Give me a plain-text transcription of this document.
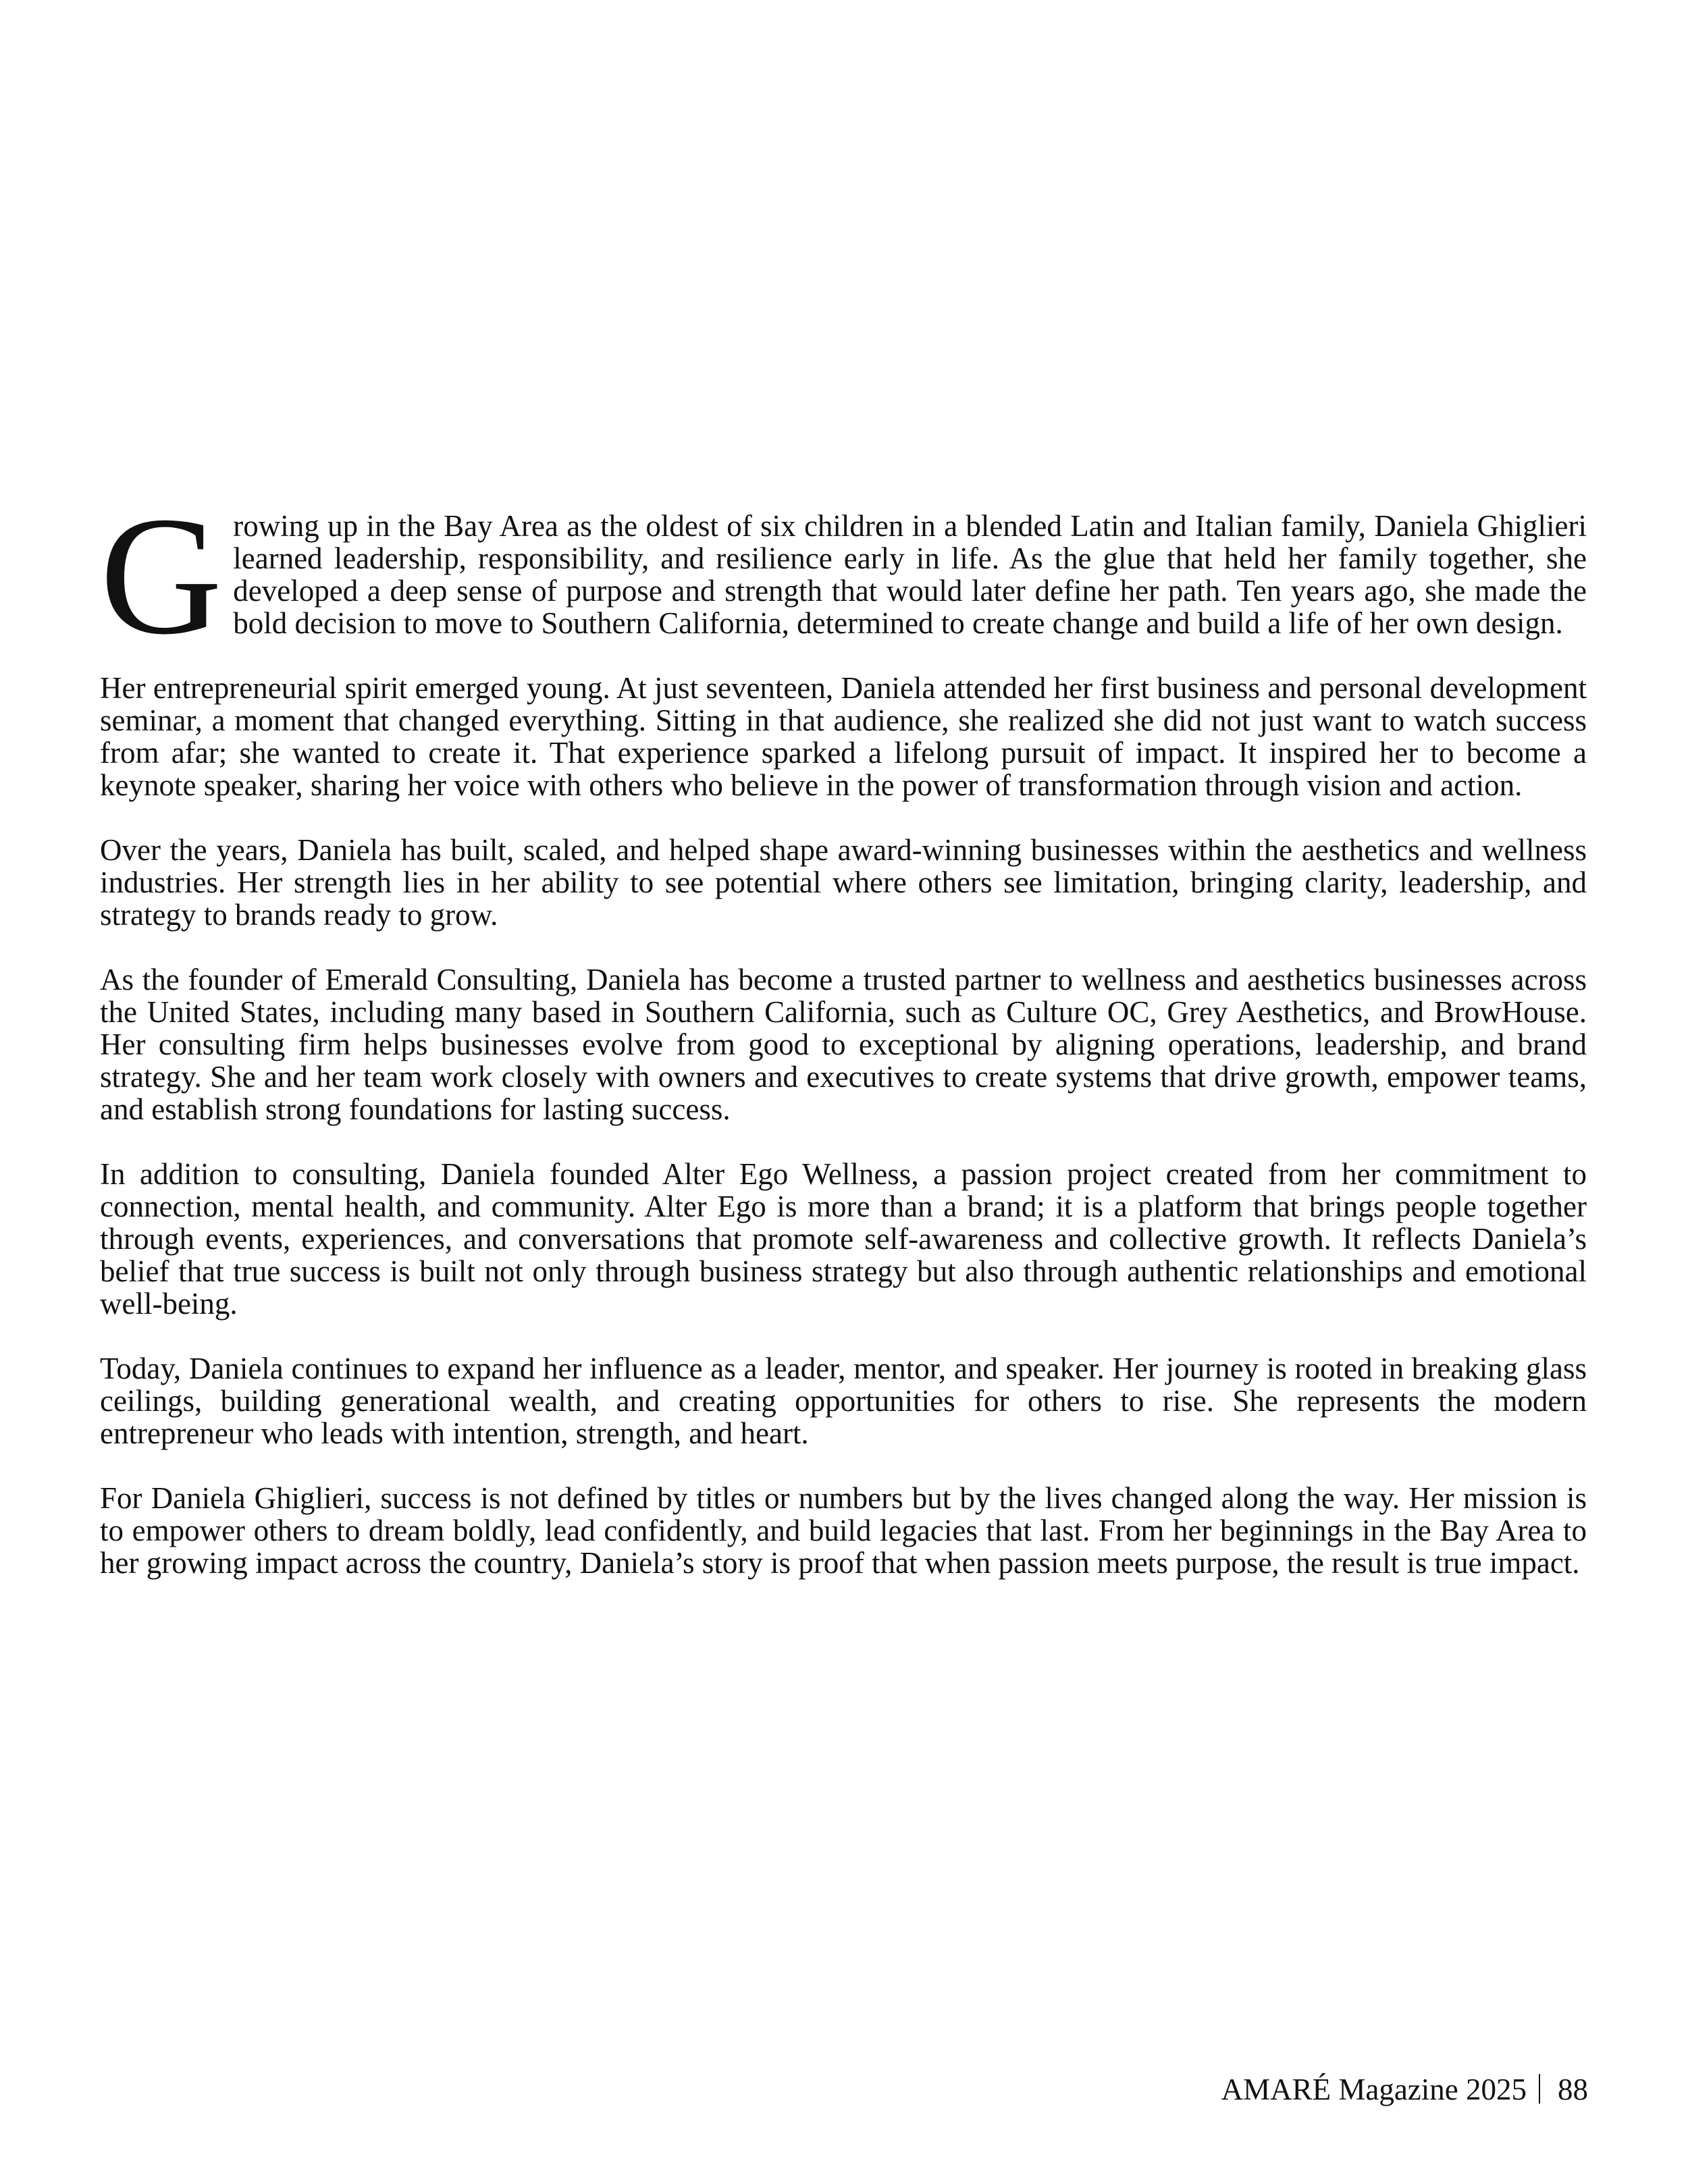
Growing up in the Bay Area as the oldest of six children in a blended Latin and Italian family, Daniela Ghiglieri learned leadership, responsibility, and resilience early in life. As the glue that held her family together, she developed a deep sense of purpose and strength that would later define her path. Ten years ago, she made the bold decision to move to Southern California, determined to create change and build a life of her own design.

Her entrepreneurial spirit emerged young. At just seventeen, Daniela attended her first business and personal development seminar, a moment that changed everything. Sitting in that audience, she realized she did not just want to watch success from afar; she wanted to create it. That experience sparked a lifelong pursuit of impact. It inspired her to become a keynote speaker, sharing her voice with others who believe in the power of transformation through vision and action.

Over the years, Daniela has built, scaled, and helped shape award-winning businesses within the aesthetics and wellness industries. Her strength lies in her ability to see potential where others see limitation, bringing clarity, leadership, and strategy to brands ready to grow.

As the founder of Emerald Consulting, Daniela has become a trusted partner to wellness and aesthetics businesses across the United States, including many based in Southern California, such as Culture OC, Grey Aesthetics, and BrowHouse. Her consulting firm helps businesses evolve from good to exceptional by aligning operations, leadership, and brand strategy. She and her team work closely with owners and executives to create systems that drive growth, empower teams, and establish strong foundations for lasting success.

In addition to consulting, Daniela founded Alter Ego Wellness, a passion project created from her commitment to connection, mental health, and community. Alter Ego is more than a brand; it is a platform that brings people together through events, experiences, and conversations that promote self-awareness and collective growth. It reflects Daniela’s belief that true success is built not only through business strategy but also through authentic relationships and emotional well-being.

Today, Daniela continues to expand her influence as a leader, mentor, and speaker. Her journey is rooted in breaking glass ceilings, building generational wealth, and creating opportunities for others to rise. She represents the modern entrepreneur who leads with intention, strength, and heart.

For Daniela Ghiglieri, success is not defined by titles or numbers but by the lives changed along the way. Her mission is to empower others to dream boldly, lead confidently, and build legacies that last. From her beginnings in the Bay Area to her growing impact across the country, Daniela’s story is proof that when passion meets purpose, the result is true impact.

AMARÉ Magazine 2025 88
